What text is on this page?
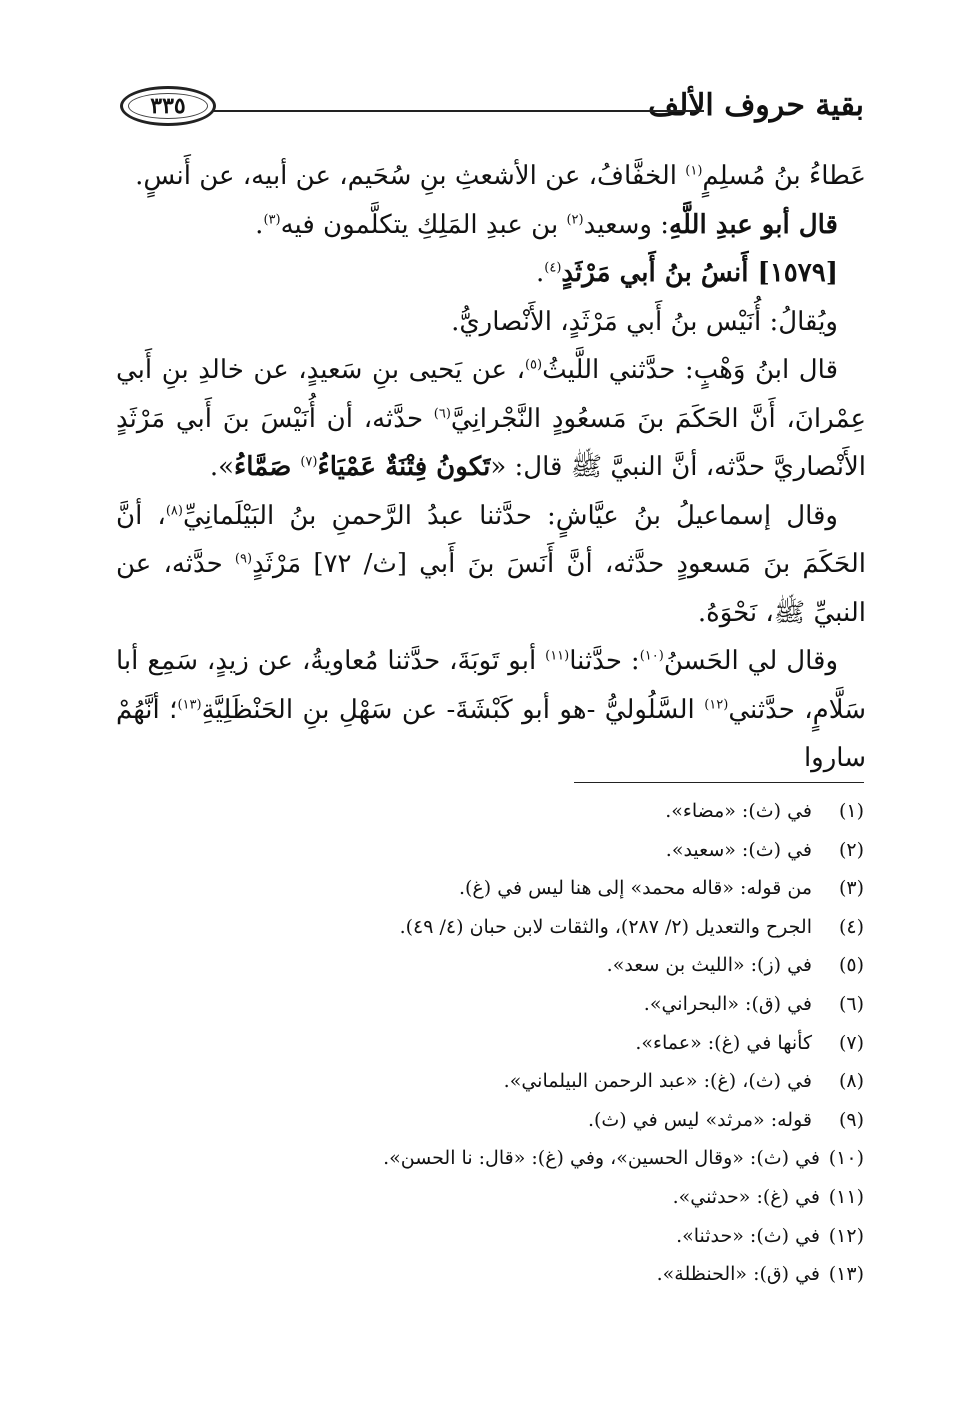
بقية حروف الألف
٣٣٥

عَطاءُ بنُ مُسلِمٍ$^{(١)}$ الخفَّافُ، عن الأشعثِ بنِ سُحَيم، عن أبيه، عن أَنسٍ.

قال أبو عبدِ اللَّهِ: وسعيد$^{(٢)}$ بن عبدِ المَلِكِ يتكلَّمون فيه$^{(٣)}$.

[١٥٧٩] أَنسُ بنُ أَبي مَرْثَدٍ$^{(٤)}$.

ويُقالُ: أُنَيْس بنُ أَبي مَرْثَدٍ، الأَنْصاريُّ.

قال ابنُ وَهْبٍ: حدَّثني اللَّيثُ$^{(٥)}$، عن يَحيى بنِ سَعيدٍ، عن خالدِ بنِ أَبي عِمْرانَ، أَنَّ الحَكَمَ بنَ مَسعُودٍ النَّجْرانِيَّ$^{(٦)}$ حدَّثه، أن أُنَيْسَ بنَ أَبي مَرْثَدٍ الأَنْصاريَّ حدَّثه، أنَّ النبيَّ ﷺ قال: «تَكونُ فِتْنَةٌ عَمْيَاءُ$^{(٧)}$ صَمَّاءُ».

وقال إسماعيلُ بنُ عيَّاشٍ: حدَّثنا عبدُ الرَّحمنِ بنُ البَيْلَمانِيِّ$^{(٨)}$، أنَّ الحَكَمَ بنَ مَسعودٍ حدَّثه، أنَّ أَنَسَ بنَ أَبي [ث/ ٧٢] مَرْثَدٍ$^{(٩)}$ حدَّثه، عن النبيِّ ﷺ، نَحْوَهُ.

وقال لي الحَسنُ$^{(١٠)}$: حدَّثنا$^{(١١)}$ أبو تَوبَةَ، حدَّثنا مُعاويةُ، عن زيدٍ، سَمِع أبا سَلَّامٍ، حدَّثني$^{(١٢)}$ السَّلُوليُّ -هو أبو كَبْشَةَ- عن سَهْلِ بنِ الحَنْظَلِيَّةِ$^{(١٣)}$؛ أنَّهُمْ ساروا

(١)
في (ث): «مضاء».
(٢)
في (ث): «سعيد».
(٣)
من قوله: «قاله محمد» إلى هنا ليس في (غ).
(٤)
الجرح والتعديل (٢/ ٢٨٧)، والثقات لابن حبان (٤/ ٤٩).
(٥)
في (ز): «الليث بن سعد».
(٦)
في (ق): «البحراني».
(٧)
كأنها في (غ): «عماء».
(٨)
في (ث)، (غ): «عبد الرحمن البيلماني».
(٩)
قوله: «مرثد» ليس في (ث).
(١٠)
في (ث): «وقال الحسين»، وفي (غ): «قال: نا الحسن».
(١١)
في (غ): «حدثني».
(١٢)
في (ث): «حدثنا».
(١٣)
في (ق): «الحنظلة».
